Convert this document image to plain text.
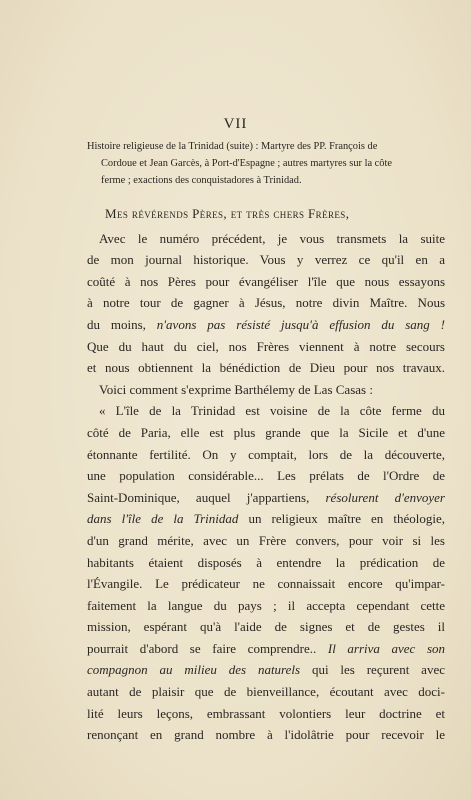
VII
Histoire religieuse de la Trinidad (suite) : Martyre des PP. François de
Cordoue et Jean Garcès, à Port-d'Espagne ; autres martyres sur la côte
ferme ; exactions des conquistadores à Trinidad.
Mes révérends Pères, et très chers Frères,
Avec le numéro précédent, je vous transmets la suite
de mon journal historique. Vous y verrez ce qu'il en a
coûté à nos Pères pour évangéliser l'île que nous essayons
à notre tour de gagner à Jésus, notre divin Maître. Nous
du moins, n'avons pas résisté jusqu'à effusion du sang !
Que du haut du ciel, nos Frères viennent à notre secours
et nous obtiennent la bénédiction de Dieu pour nos travaux.
Voici comment s'exprime Barthélemy de Las Casas :
« L'île de la Trinidad est voisine de la côte ferme du
côté de Paria, elle est plus grande que la Sicile et d'une
étonnante fertilité. On y comptait, lors de la découverte,
une population considérable... Les prélats de l'Ordre de
Saint-Dominique, auquel j'appartiens, résolurent d'envoyer
dans l'île de la Trinidad un religieux maître en théologie,
d'un grand mérite, avec un Frère convers, pour voir si les
habitants étaient disposés à entendre la prédication de
l'Évangile. Le prédicateur ne connaissait encore qu'impar-
faitement la langue du pays ; il accepta cependant cette
mission, espérant qu'à l'aide de signes et de gestes il
pourrait d'abord se faire comprendre.. Il arriva avec son
compagnon au milieu des naturels qui les reçurent avec
autant de plaisir que de bienveillance, écoutant avec doci-
lité leurs leçons, embrassant volontiers leur doctrine et
renonçant en grand nombre à l'idolâtrie pour recevoir le
